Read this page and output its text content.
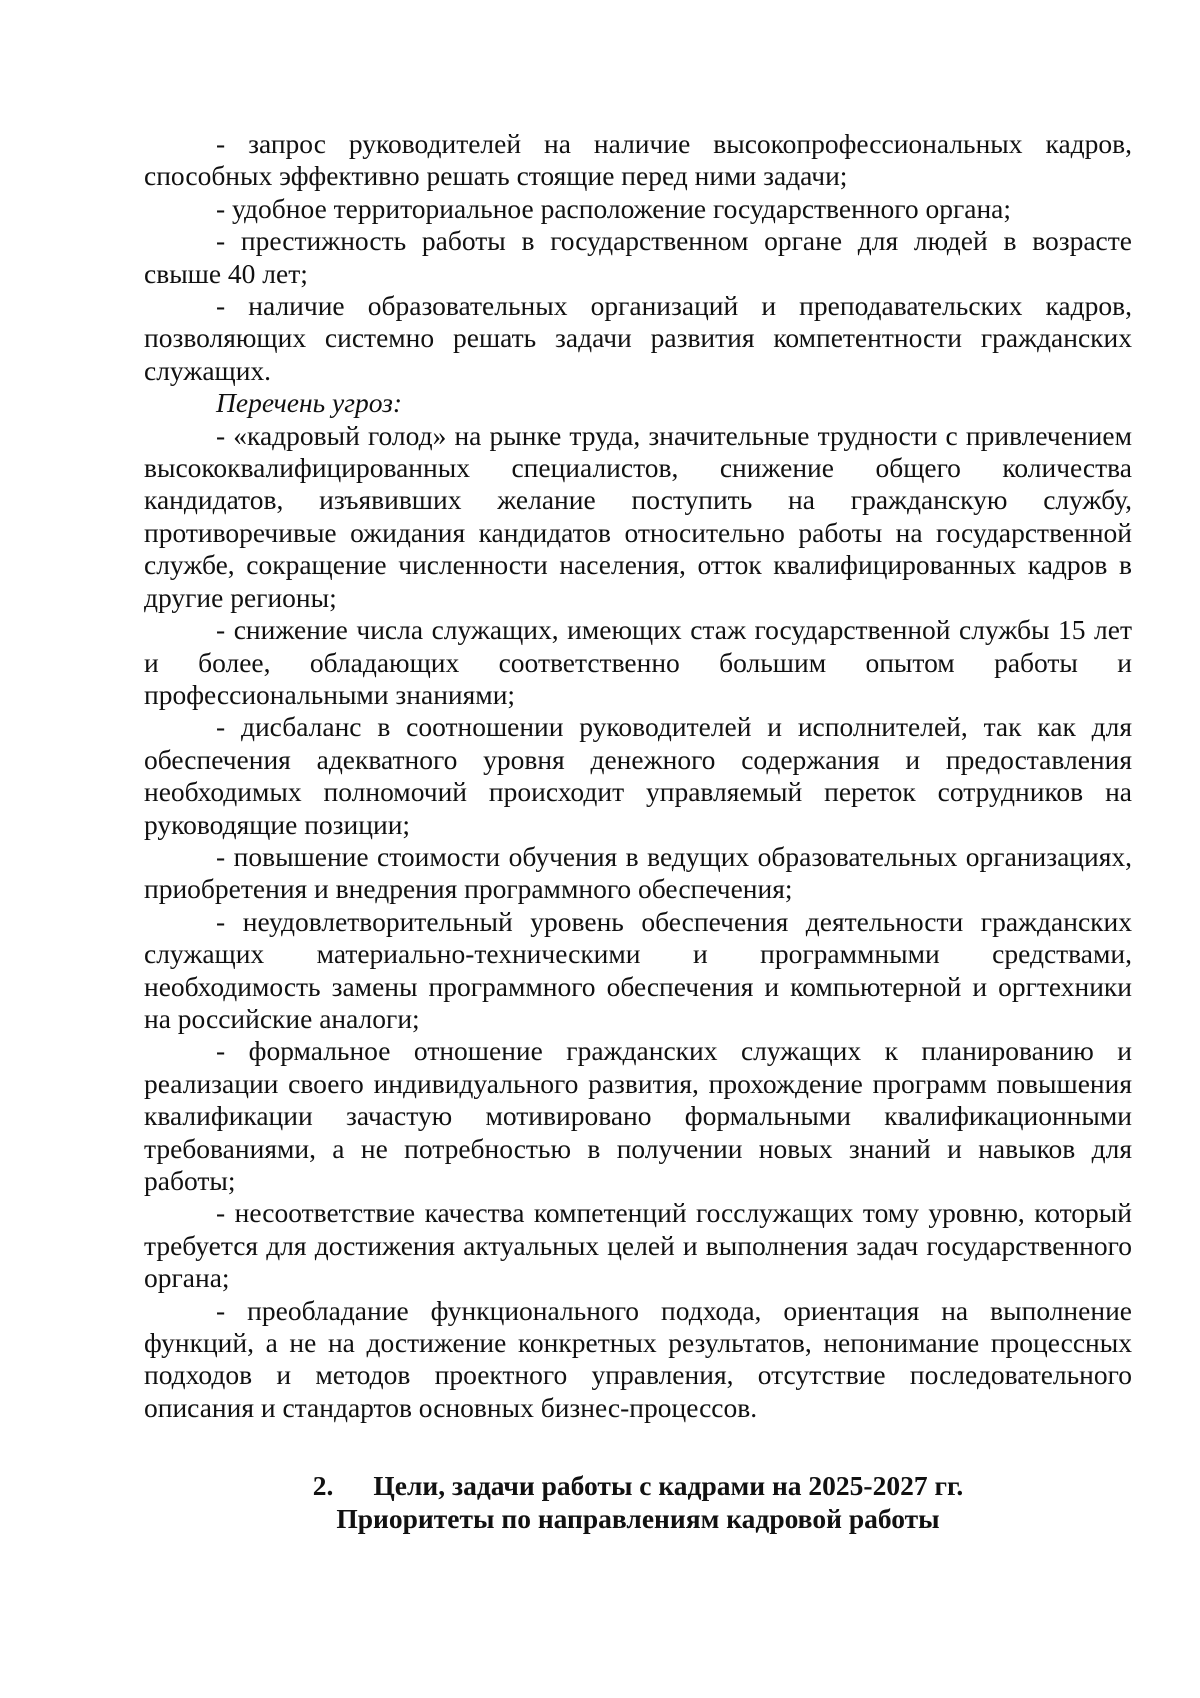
- запрос руководителей на наличие высокопрофессиональных кадров, способных эффективно решать стоящие перед ними задачи;

- удобное территориальное расположение государственного органа;

- престижность работы в государственном органе для людей в возрасте свыше 40 лет;

- наличие образовательных организаций и преподавательских кадров, позволяющих системно решать задачи развития компетентности гражданских служащих.

Перечень угроз:

- «кадровый голод» на рынке труда, значительные трудности с привлечением высококвалифицированных специалистов, снижение общего количества кандидатов, изъявивших желание поступить на гражданскую службу, противоречивые ожидания кандидатов относительно работы на государственной службе, сокращение численности населения, отток квалифицированных кадров в другие регионы;

- снижение числа служащих, имеющих стаж государственной службы 15 лет и более, обладающих соответственно большим опытом работы и профессиональными знаниями;

- дисбаланс в соотношении руководителей и исполнителей, так как для обеспечения адекватного уровня денежного содержания и предоставления необходимых полномочий происходит управляемый переток сотрудников на руководящие позиции;

- повышение стоимости обучения в ведущих образовательных организациях, приобретения и внедрения программного обеспечения;

- неудовлетворительный уровень обеспечения деятельности гражданских служащих материально-техническими и программными средствами, необходимость замены программного обеспечения и компьютерной и оргтехники на российские аналоги;

- формальное отношение гражданских служащих к планированию и реализации своего индивидуального развития, прохождение программ повышения квалификации зачастую мотивировано формальными квалификационными требованиями, а не потребностью в получении новых знаний и навыков для работы;

- несоответствие качества компетенций госслужащих тому уровню, который требуется для достижения актуальных целей и выполнения задач государственного органа;

- преобладание функционального подхода, ориентация на выполнение функций, а не на достижение конкретных результатов, непонимание процессных подходов и методов проектного управления, отсутствие последовательного описания и стандартов основных бизнес-процессов.

2. Цели, задачи работы с кадрами на 2025-2027 гг.
Приоритеты по направлениям кадровой работы
